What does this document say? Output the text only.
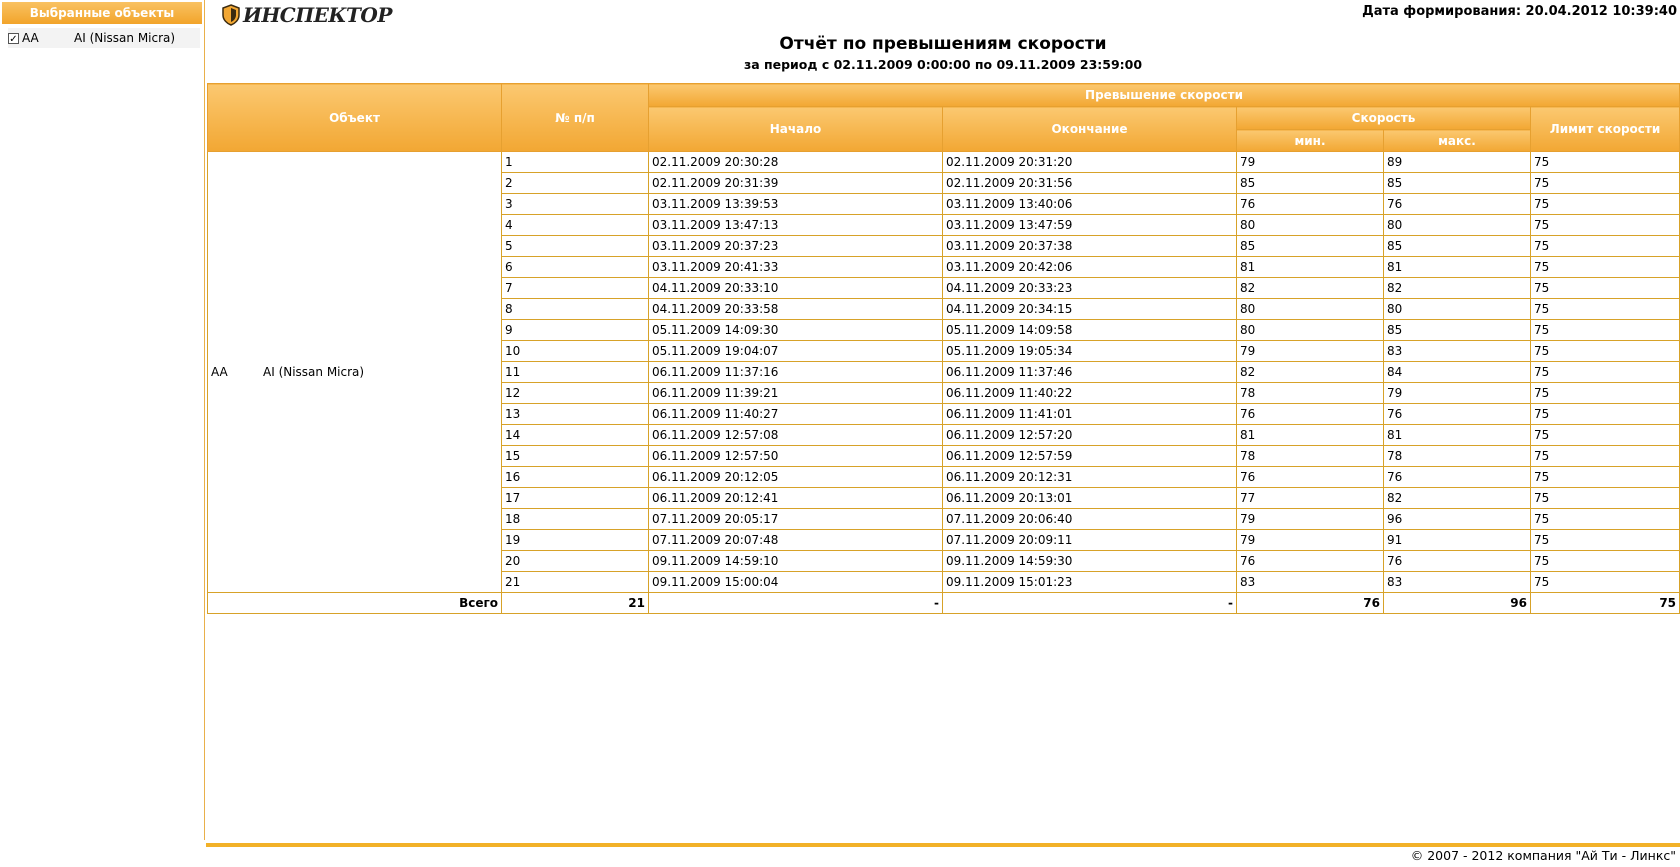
Выбранные объекты
✓ AA	AI (Nissan Micra)
ИНСПЕКТОР	Дата формирования: 20.04.2012 10:39:40
Отчёт по превышениям скорости
за период с 02.11.2009 0:00:00 по 09.11.2009 23:59:00
Объект	№ п/п	Превышение скорости				
		Начало	Окончание	Скорость		Лимит скорости
				мин.	макс.	
AA AI (Nissan Micra)	1	02.11.2009 20:30:28	02.11.2009 20:31:20	79	89	75
	2	02.11.2009 20:31:39	02.11.2009 20:31:56	85	85	75
	3	03.11.2009 13:39:53	03.11.2009 13:40:06	76	76	75
	4	03.11.2009 13:47:13	03.11.2009 13:47:59	80	80	75
	5	03.11.2009 20:37:23	03.11.2009 20:37:38	85	85	75
	6	03.11.2009 20:41:33	03.11.2009 20:42:06	81	81	75
	7	04.11.2009 20:33:10	04.11.2009 20:33:23	82	82	75
	8	04.11.2009 20:33:58	04.11.2009 20:34:15	80	80	75
	9	05.11.2009 14:09:30	05.11.2009 14:09:58	80	85	75
	10	05.11.2009 19:04:07	05.11.2009 19:05:34	79	83	75
	11	06.11.2009 11:37:16	06.11.2009 11:37:46	82	84	75
	12	06.11.2009 11:39:21	06.11.2009 11:40:22	78	79	75
	13	06.11.2009 11:40:27	06.11.2009 11:41:01	76	76	75
	14	06.11.2009 12:57:08	06.11.2009 12:57:20	81	81	75
	15	06.11.2009 12:57:50	06.11.2009 12:57:59	78	78	75
	16	06.11.2009 20:12:05	06.11.2009 20:12:31	76	76	75
	17	06.11.2009 20:12:41	06.11.2009 20:13:01	77	82	75
	18	07.11.2009 20:05:17	07.11.2009 20:06:40	79	96	75
	19	07.11.2009 20:07:48	07.11.2009 20:09:11	79	91	75
	20	09.11.2009 14:59:10	09.11.2009 14:59:30	76	76	75
	21	09.11.2009 15:00:04	09.11.2009 15:01:23	83	83	75
Всего	21	-	-	76	96	75
© 2007 - 2012 компания "Ай Ти - Линкс"
